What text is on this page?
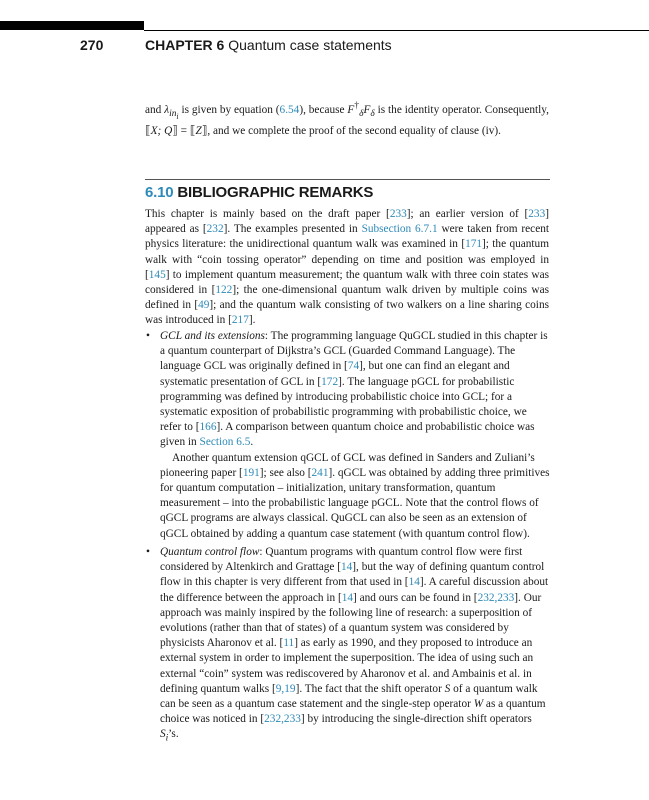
270	CHAPTER 6 Quantum case statements
and $\lambda_{in_i}$ is given by equation (6.54), because $F^\dagger_\delta F_\delta$ is the identity operator. Consequently, ⟦X; Q⟧ = ⟦Z⟧, and we complete the proof of the second equality of clause (iv).
6.10 BIBLIOGRAPHIC REMARKS
This chapter is mainly based on the draft paper [233]; an earlier version of [233] appeared as [232]. The examples presented in Subsection 6.7.1 were taken from recent physics literature: the unidirectional quantum walk was examined in [171]; the quantum walk with “coin tossing operator” depending on time and position was employed in [145] to implement quantum measurement; the quantum walk with three coin states was considered in [122]; the one-dimensional quantum walk driven by multiple coins was defined in [49]; and the quantum walk consisting of two walkers on a line sharing coins was introduced in [217].
• GCL and its extensions: The programming language QuGCL studied in this chapter is a quantum counterpart of Dijkstra’s GCL (Guarded Command Language). The language GCL was originally defined in [74], but one can find an elegant and systematic presentation of GCL in [172]. The language pGCL for probabilistic programming was defined by introducing probabilistic choice into GCL; for a systematic exposition of probabilistic programming with probabilistic choice, we refer to [166]. A comparison between quantum choice and probabilistic choice was given in Section 6.5.
Another quantum extension qGCL of GCL was defined in Sanders and Zuliani’s pioneering paper [191]; see also [241]. qGCL was obtained by adding three primitives for quantum computation – initialization, unitary transformation, quantum measurement – into the probabilistic language pGCL. Note that the control flows of qGCL programs are always classical. QuGCL can also be seen as an extension of qGCL obtained by adding a quantum case statement (with quantum control flow).
• Quantum control flow: Quantum programs with quantum control flow were first considered by Altenkirch and Grattage [14], but the way of defining quantum control flow in this chapter is very different from that used in [14]. A careful discussion about the difference between the approach in [14] and ours can be found in [232,233]. Our approach was mainly inspired by the following line of research: a superposition of evolutions (rather than that of states) of a quantum system was considered by physicists Aharonov et al. [11] as early as 1990, and they proposed to introduce an external system in order to implement the superposition. The idea of using such an external “coin” system was rediscovered by Aharonov et al. and Ambainis et al. in defining quantum walks [9,19]. The fact that the shift operator S of a quantum walk can be seen as a quantum case statement and the single-step operator W as a quantum choice was noticed in [232,233] by introducing the single-direction shift operators $S_i’s$.
